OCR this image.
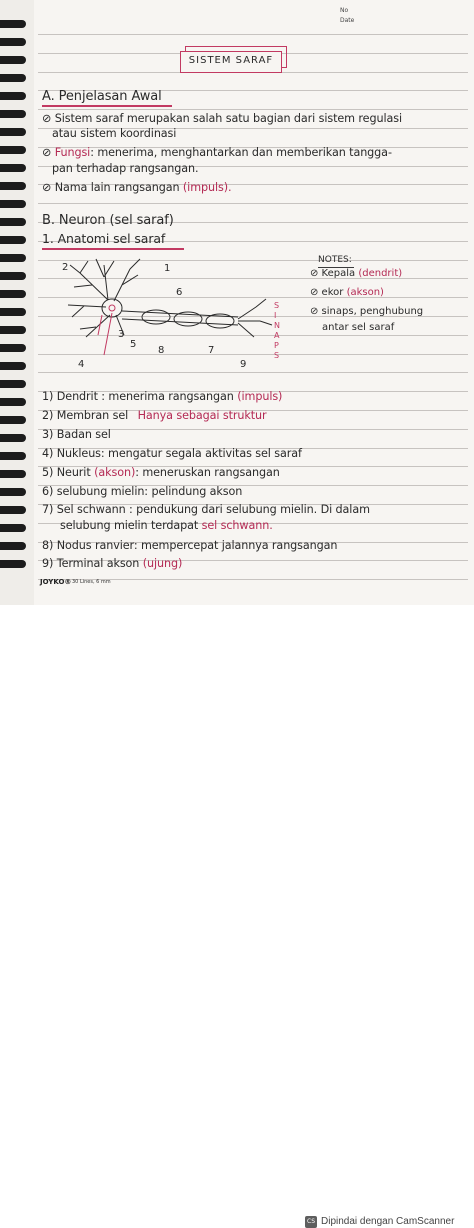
No
Date
SISTEM SARAF
A. Penjelasan Awal
⊘ Sistem saraf merupakan salah satu bagian dari sistem regulasi
atau sistem koordinasi
⊘ Fungsi: menerima, menghantarkan dan memberikan tangga-
pan terhadap rangsangan.
⊘ Nama lain rangsangan (impuls).
B. Neuron (sel saraf)
1. Anatomi sel saraf
1
2
3
4
5
6
7
8
9
S
I
N
A
P
S
NOTES:
⊘ Kepala (dendrit)
⊘ ekor (akson)
⊘ sinaps, penghubung
antar sel saraf
1) Dendrit : menerima rangsangan (impuls)
2) Membran sel Hanya sebagai struktur
3) Badan sel
4) Nukleus: mengatur segala aktivitas sel saraf
5) Neurit (akson): meneruskan rangsangan
6) selubung mielin: pelindung akson
7) Sel schwann : pendukung dari selubung mielin. Di dalam
selubung mielin terdapat sel schwann.
8) Nodus ranvier: mempercepat jalannya rangsangan
9) Terminal akson (ujung)
JOYKO® 30 Lines, 6 mm
CS Dipindai dengan CamScanner
